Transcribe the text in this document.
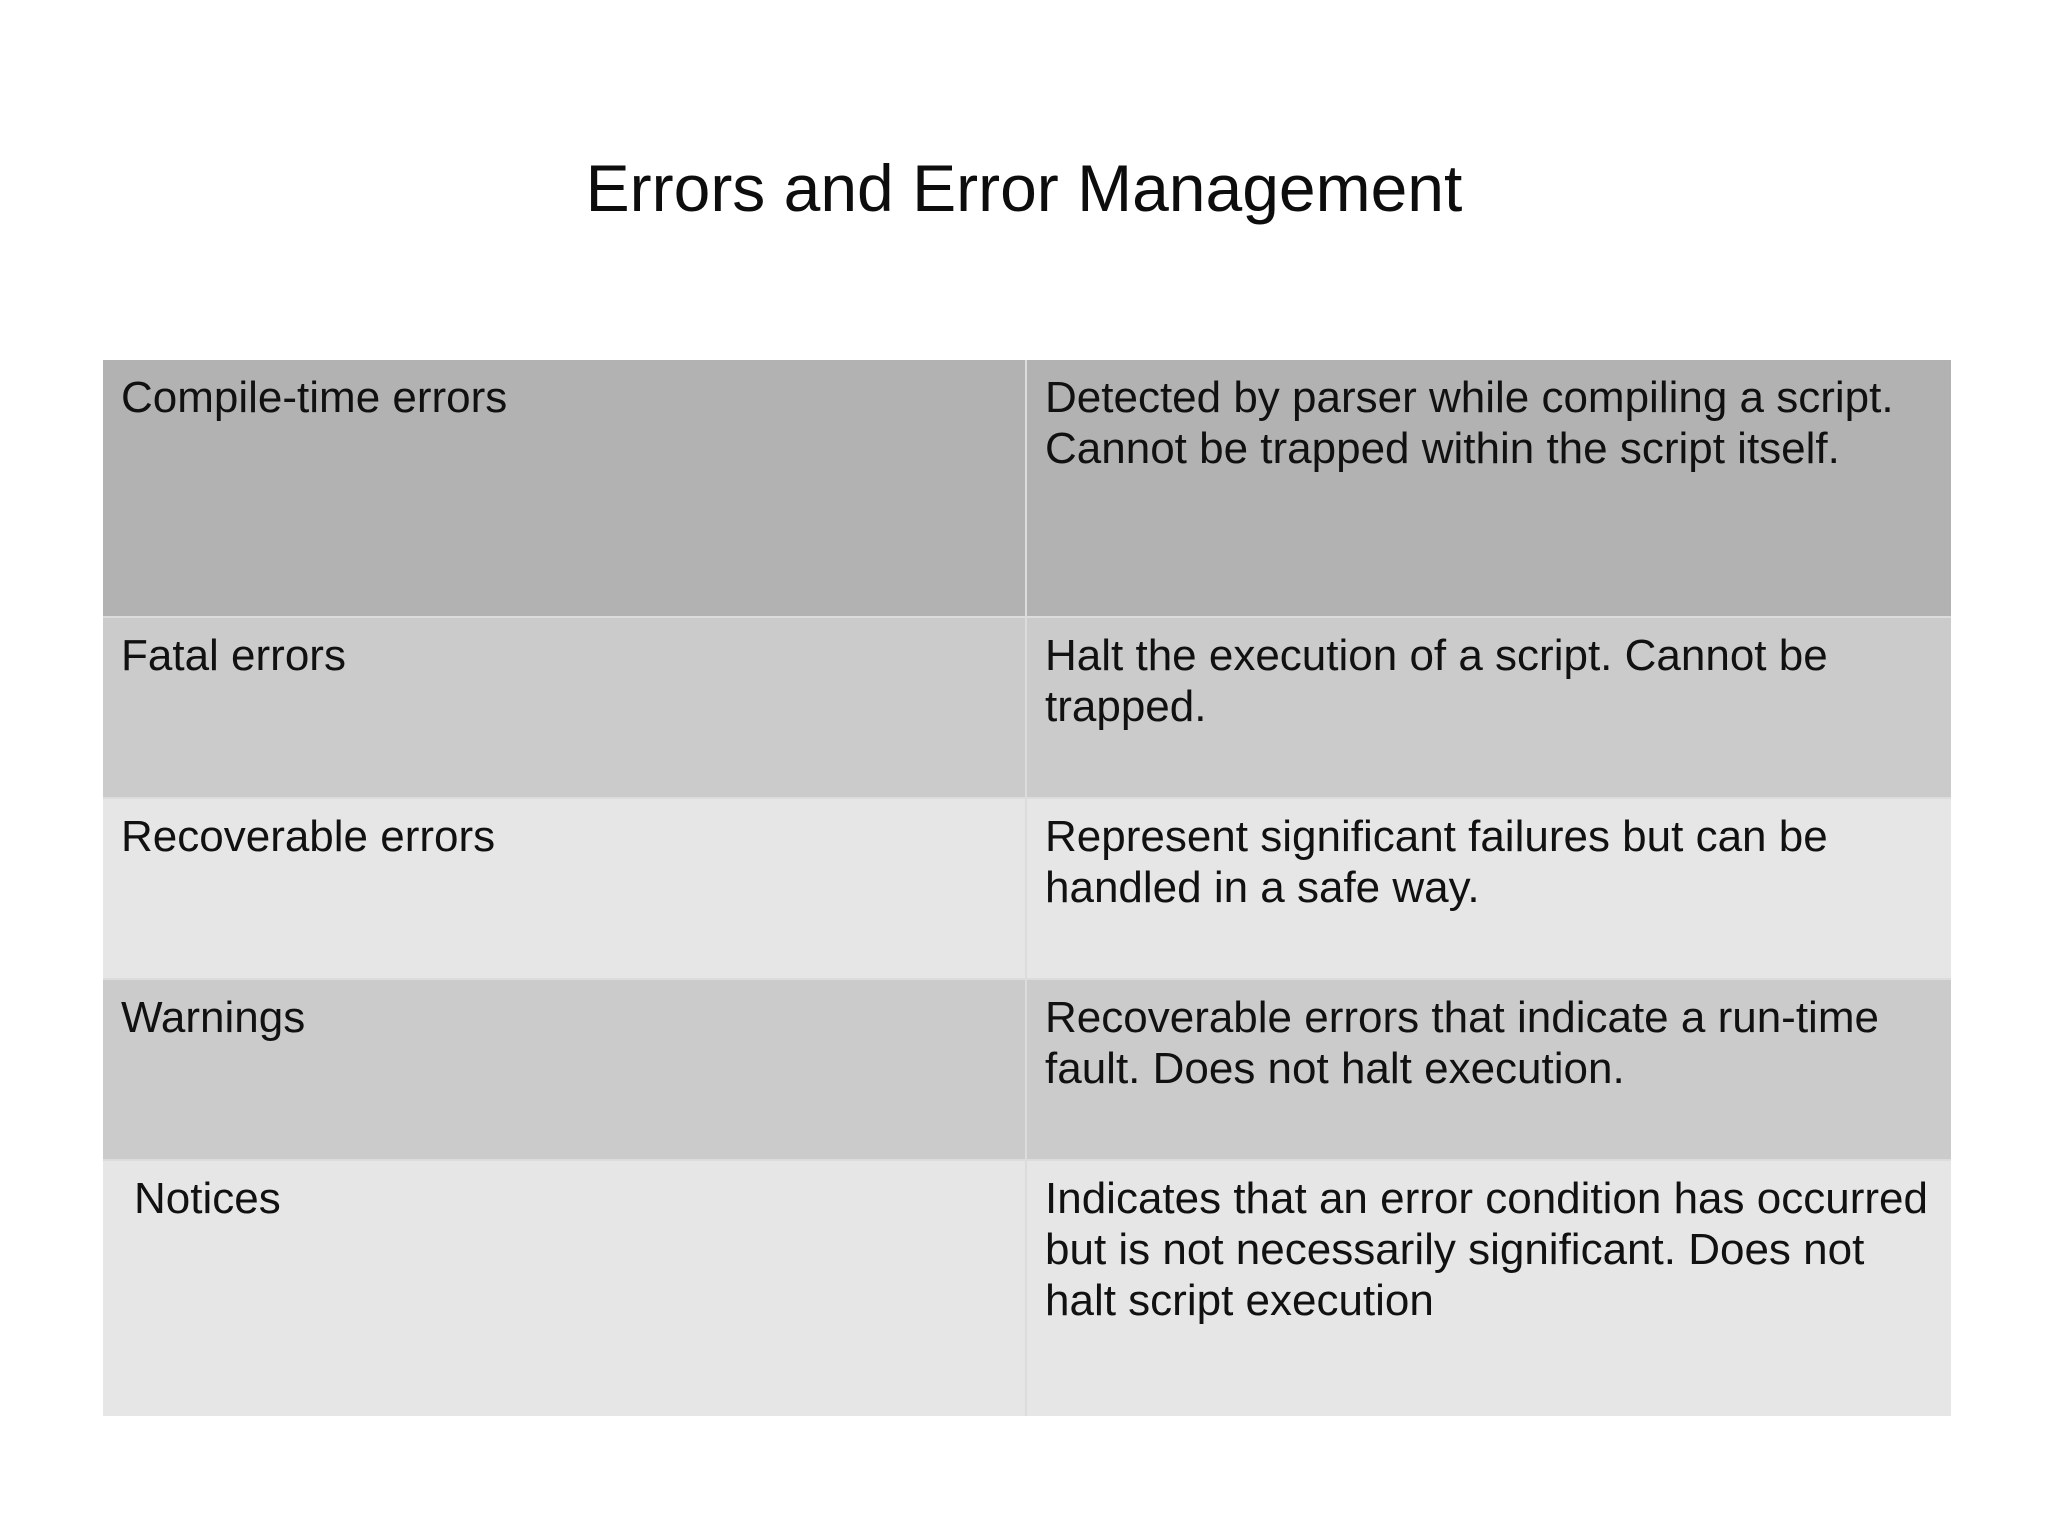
Errors and Error Management
Compile-time errors	Detected by parser while compiling a script. Cannot be trapped within the script itself.
Fatal errors	Halt the execution of a script. Cannot be trapped.
Recoverable errors	Represent significant failures but can be handled in a safe way.
Warnings	Recoverable errors that indicate a run-time fault. Does not halt execution.
Notices	Indicates that an error condition has occurred but is not necessarily significant. Does not halt script execution
